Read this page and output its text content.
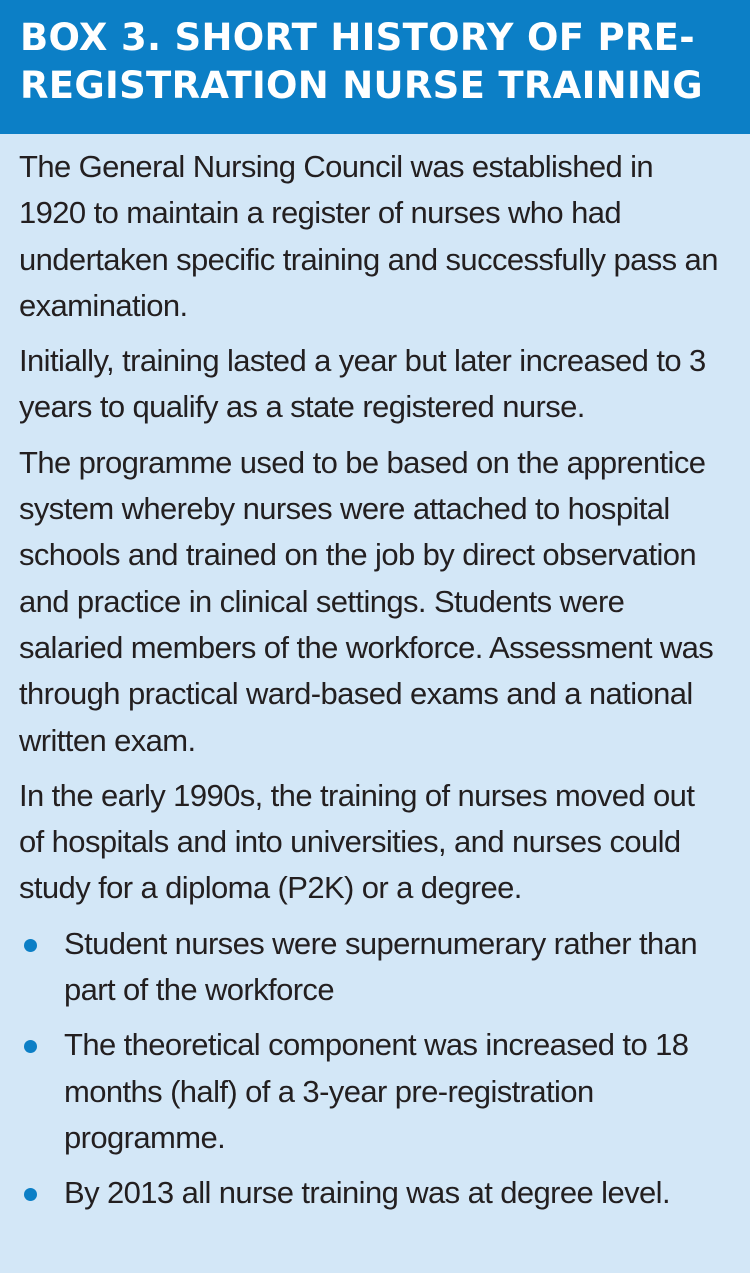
BOX 3. SHORT HISTORY OF PRE-
REGISTRATION NURSE TRAINING

The General Nursing Council was established in 1920 to maintain a register of nurses who had undertaken specific training and successfully pass an examination.

Initially, training lasted a year but later increased to 3 years to qualify as a state registered nurse.

The programme used to be based on the apprentice system whereby nurses were attached to hospital schools and trained on the job by direct observation and practice in clinical settings. Students were salaried members of the workforce. Assessment was through practical ward-based exams and a national written exam.

In the early 1990s, the training of nurses moved out of hospitals and into universities, and nurses could study for a diploma (P2K) or a degree.

Student nurses were supernumerary rather than part of the workforce
The theoretical component was increased to 18 months (half) of a 3-year pre-registration programme.
By 2013 all nurse training was at degree level.
